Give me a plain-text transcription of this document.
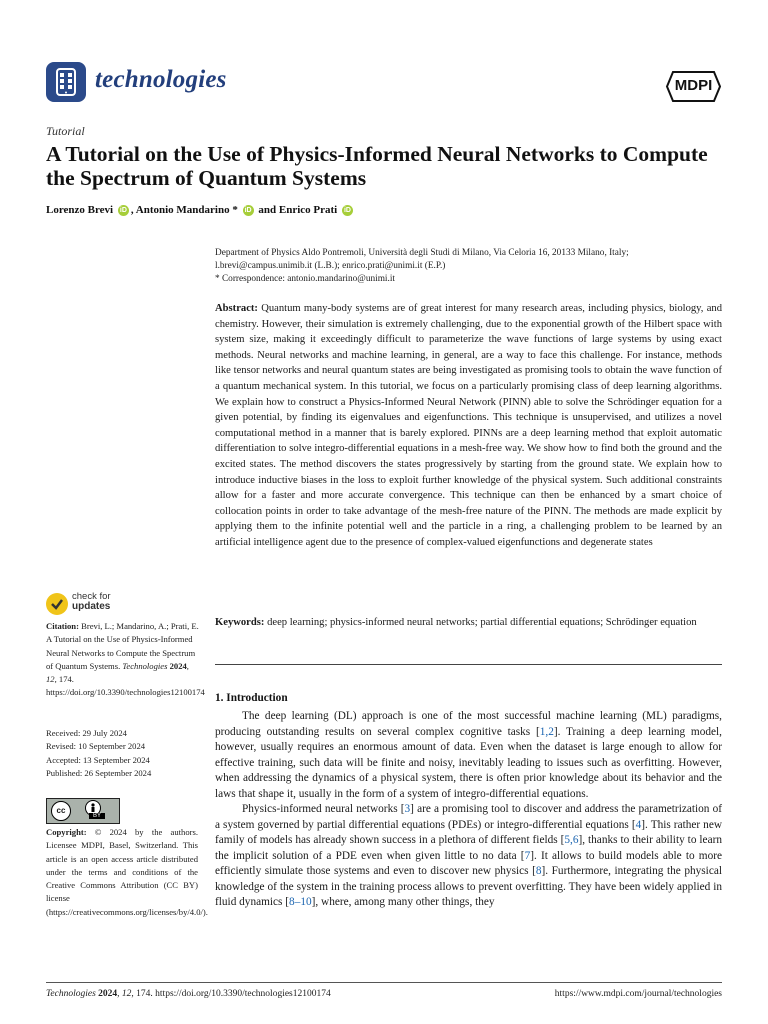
technologies	MDPI
Tutorial
A Tutorial on the Use of Physics-Informed Neural Networks to Compute the Spectrum of Quantum Systems
Lorenzo Brevi iD , Antonio Mandarino * iD and Enrico Prati iD
Department of Physics Aldo Pontremoli, Università degli Studi di Milano, Via Celoria 16, 20133 Milano, Italy;
l.brevi@campus.unimib.it (L.B.); enrico.prati@unimi.it (E.P.)
* Correspondence: antonio.mandarino@unimi.it
Abstract: Quantum many-body systems are of great interest for many research areas, including physics, biology, and chemistry. However, their simulation is extremely challenging, due to the exponential growth of the Hilbert space with system size, making it exceedingly difficult to parameterize the wave functions of large systems by using exact methods. Neural networks and machine learning, in general, are a way to face this challenge. For instance, methods like tensor networks and neural quantum states are being investigated as promising tools to obtain the wave function of a quantum mechanical system. In this tutorial, we focus on a particularly promising class of deep learning algorithms. We explain how to construct a Physics-Informed Neural Network (PINN) able to solve the Schrödinger equation for a given potential, by finding its eigenvalues and eigenfunctions. This technique is unsupervised, and utilizes a novel computational method in a manner that is barely explored. PINNs are a deep learning method that exploit automatic differentiation to solve integro-differential equations in a mesh-free way. We show how to find both the ground and the excited states. The method discovers the states progressively by starting from the ground state. We explain how to introduce inductive biases in the loss to exploit further knowledge of the physical system. Such additional constraints allow for a faster and more accurate convergence. This technique can then be enhanced by a smart choice of collocation points in order to take advantage of the mesh-free nature of the PINN. The methods are made explicit by applying them to the infinite potential well and the particle in a ring, a challenging problem to be learned by an artificial intelligence agent due to the presence of complex-valued eigenfunctions and degenerate states
Keywords: deep learning; physics-informed neural networks; partial differential equations; Schrödinger equation
check for
updates
Citation: Brevi, L.; Mandarino, A.; Prati, E. A Tutorial on the Use of Physics-Informed Neural Networks to Compute the Spectrum of Quantum Systems. Technologies 2024, 12, 174. https://doi.org/10.3390/technologies12100174
Received: 29 July 2024
Revised: 10 September 2024
Accepted: 13 September 2024
Published: 26 September 2024
cc
BY
Copyright: © 2024 by the authors. Licensee MDPI, Basel, Switzerland. This article is an open access article distributed under the terms and conditions of the Creative Commons Attribution (CC BY) license (https://creativecommons.org/licenses/by/4.0/).
1. Introduction

The deep learning (DL) approach is one of the most successful machine learning (ML) paradigms, producing outstanding results on several complex cognitive tasks [1,2]. Training a deep learning model, however, usually requires an enormous amount of data. Even when the dataset is large enough to allow for effective training, such data will be finite and noisy, inevitably leading to issues such as overfitting. However, when addressing the dynamics of a physical system, there is often prior knowledge about its behavior and the laws that shape it, usually in the form of a system of integro-differential equations.

Physics-informed neural networks [3] are a promising tool to discover and address the parametrization of a system governed by partial differential equations (PDEs) or integro-differential equations [4]. This rather new family of models has already shown success in a plethora of different fields [5,6], thanks to their ability to learn the implicit solution of a PDE even when given little to no data [7]. It allows to build models able to more efficiently simulate those systems and even to discover new physics [8]. Furthermore, integrating the physical knowledge of the system in the training process allows to prevent overfitting. They have been widely applied in fluid dynamics [8–10], where, among many other things, they

Technologies 2024, 12, 174. https://doi.org/10.3390/technologies12100174	https://www.mdpi.com/journal/technologies
